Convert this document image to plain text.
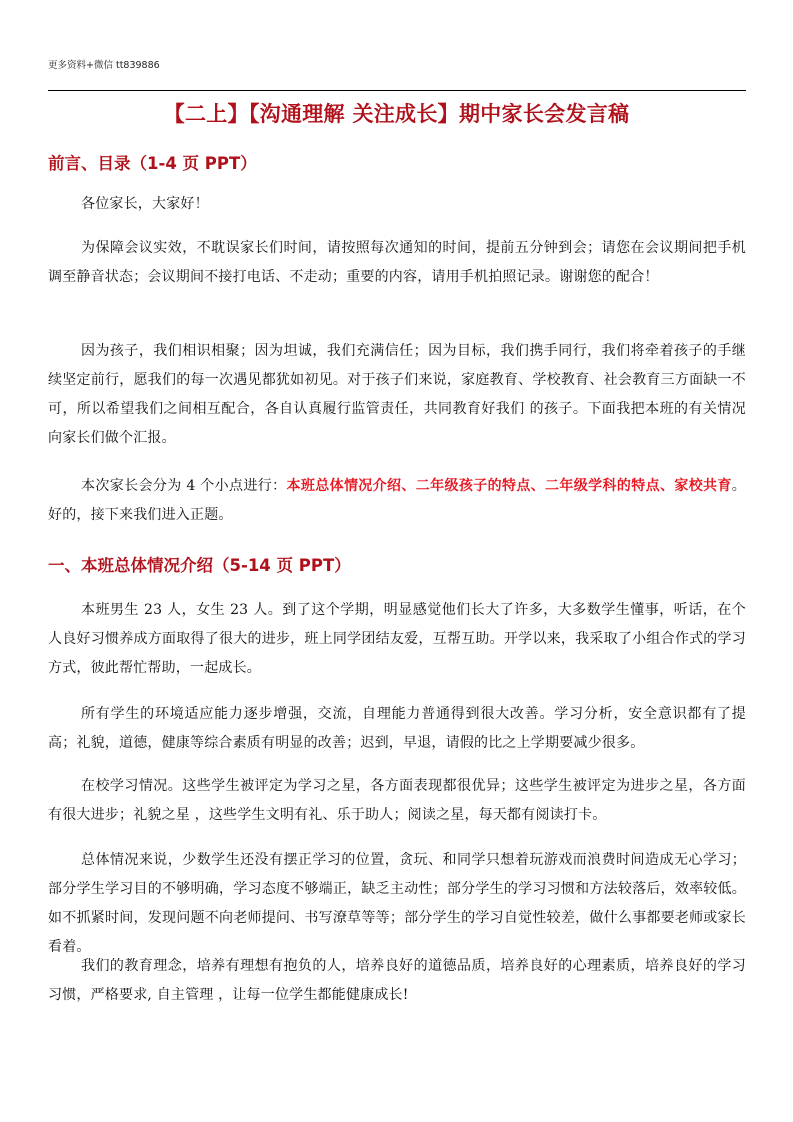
更多资料+微信 tt839886
【二上】【沟通理解 关注成长】期中家长会发言稿
前言、目录（1-4 页 PPT）
各位家长，大家好！
为保障会议实效，不耽误家长们时间，请按照每次通知的时间，提前五分钟到会；请您在会议期间把手机调至静音状态；会议期间不接打电话、不走动；重要的内容，请用手机拍照记录。谢谢您的配合！
因为孩子，我们相识相聚；因为坦诚，我们充满信任；因为目标，我们携手同行，我们将牵着孩子的手继续坚定前行，愿我们的每一次遇见都犹如初见。对于孩子们来说，家庭教育、学校教育、社会教育三方面缺一不可，所以希望我们之间相互配合，各自认真履行监管责任，共同教育好我们 的孩子。下面我把本班的有关情况向家长们做个汇报。
本次家长会分为 4 个小点进行：本班总体情况介绍、二年级孩子的特点、二年级学科的特点、家校共育。好的，接下来我们进入正题。
一、本班总体情况介绍（5-14 页 PPT）
本班男生 23 人，女生 23 人。到了这个学期，明显感觉他们长大了许多，大多数学生懂事，听话，在个人良好习惯养成方面取得了很大的进步，班上同学团结友爱，互帮互助。开学以来，我采取了小组合作式的学习方式，彼此帮忙帮助，一起成长。
所有学生的环境适应能力逐步增强，交流，自理能力普通得到很大改善。学习分析，安全意识都有了提高；礼貌，道德，健康等综合素质有明显的改善；迟到，早退，请假的比之上学期要减少很多。
在校学习情况。这些学生被评定为学习之星，各方面表现都很优异；这些学生被评定为进步之星，各方面有很大进步；礼貌之星 ，这些学生文明有礼、乐于助人；阅读之星，每天都有阅读打卡。
总体情况来说，少数学生还没有摆正学习的位置，贪玩、和同学只想着玩游戏而浪费时间造成无心学习；部分学生学习目的不够明确，学习态度不够端正，缺乏主动性；部分学生的学习习惯和方法较落后，效率较低。如不抓紧时间，发现问题不向老师提问、书写潦草等等；部分学生的学习自觉性较差，做什么事都要老师或家长看着。
我们的教育理念，培养有理想有抱负的人，培养良好的道德品质，培养良好的心理素质，培养良好的学习习惯，严格要求, 自主管理 ，让每一位学生都能健康成长!
